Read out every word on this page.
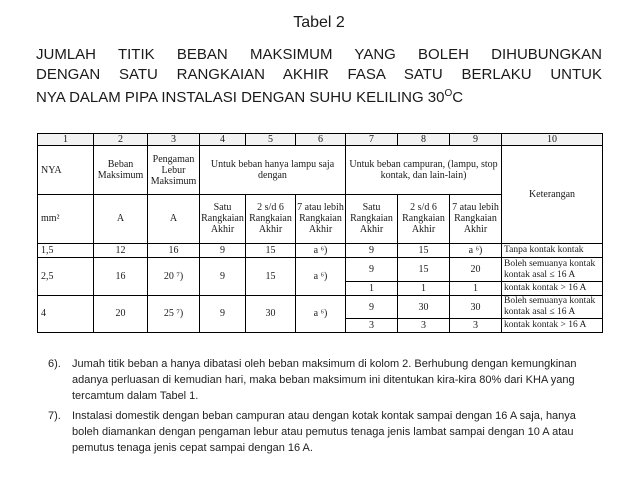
Tabel 2
JUMLAH TITIK BEBAN MAKSIMUM YANG BOLEH DIHUBUNGKAN
DENGAN SATU RANGKAIAN AKHIR FASA SATU BERLAKU UNTUK
NYA DALAM PIPA INSTALASI DENGAN SUHU KELILING $30^OC$
1	2	3	4	5	6	7	8	9	10
NYA	Beban Maksimum	Pengaman Lebur Maksimum	Untuk beban hanya lampu saja dengan			Untuk beban campuran, (lampu, stop kontak, dan lain-lain)			Keterangan
mm²	A	A	Satu Rangkaian Akhir	2 s/d 6 Rangkaian Akhir	7 atau lebih Rangkaian Akhir	Satu Rangkaian Akhir	2 s/d 6 Rangkaian Akhir	7 atau lebih Rangkaian Akhir	
1,5	12	16	9	15	a ⁶)	9	15	a ⁶)	Tanpa kontak kontak
2,5	16	20 ⁷)	9	15	a ⁶)	9	15	20	Boleh semuanya kontak kontak asal ≤ 16 A
						1	1	1	kontak kontak > 16 A
4	20	25 ⁷)	9	30	a ⁶)	9	30	30	Boleh semuanya kontak kontak asal ≤ 16 A
						3	3	3	kontak kontak > 16 A
6). Jumah titik beban a hanya dibatasi oleh beban maksimum di kolom 2. Berhubung dengan kemungkinan adanya perluasan di kemudian hari, maka beban maksimum ini ditentukan kira-kira 80% dari KHA yang tercamtum dalam Tabel 1.
7). Instalasi domestik dengan beban campuran atau dengan kotak kontak sampai dengan 16 A saja, hanya boleh diamankan dengan pengaman lebur atau pemutus tenaga jenis lambat sampai dengan 10 A atau pemutus tenaga jenis cepat sampai dengan 16 A.
